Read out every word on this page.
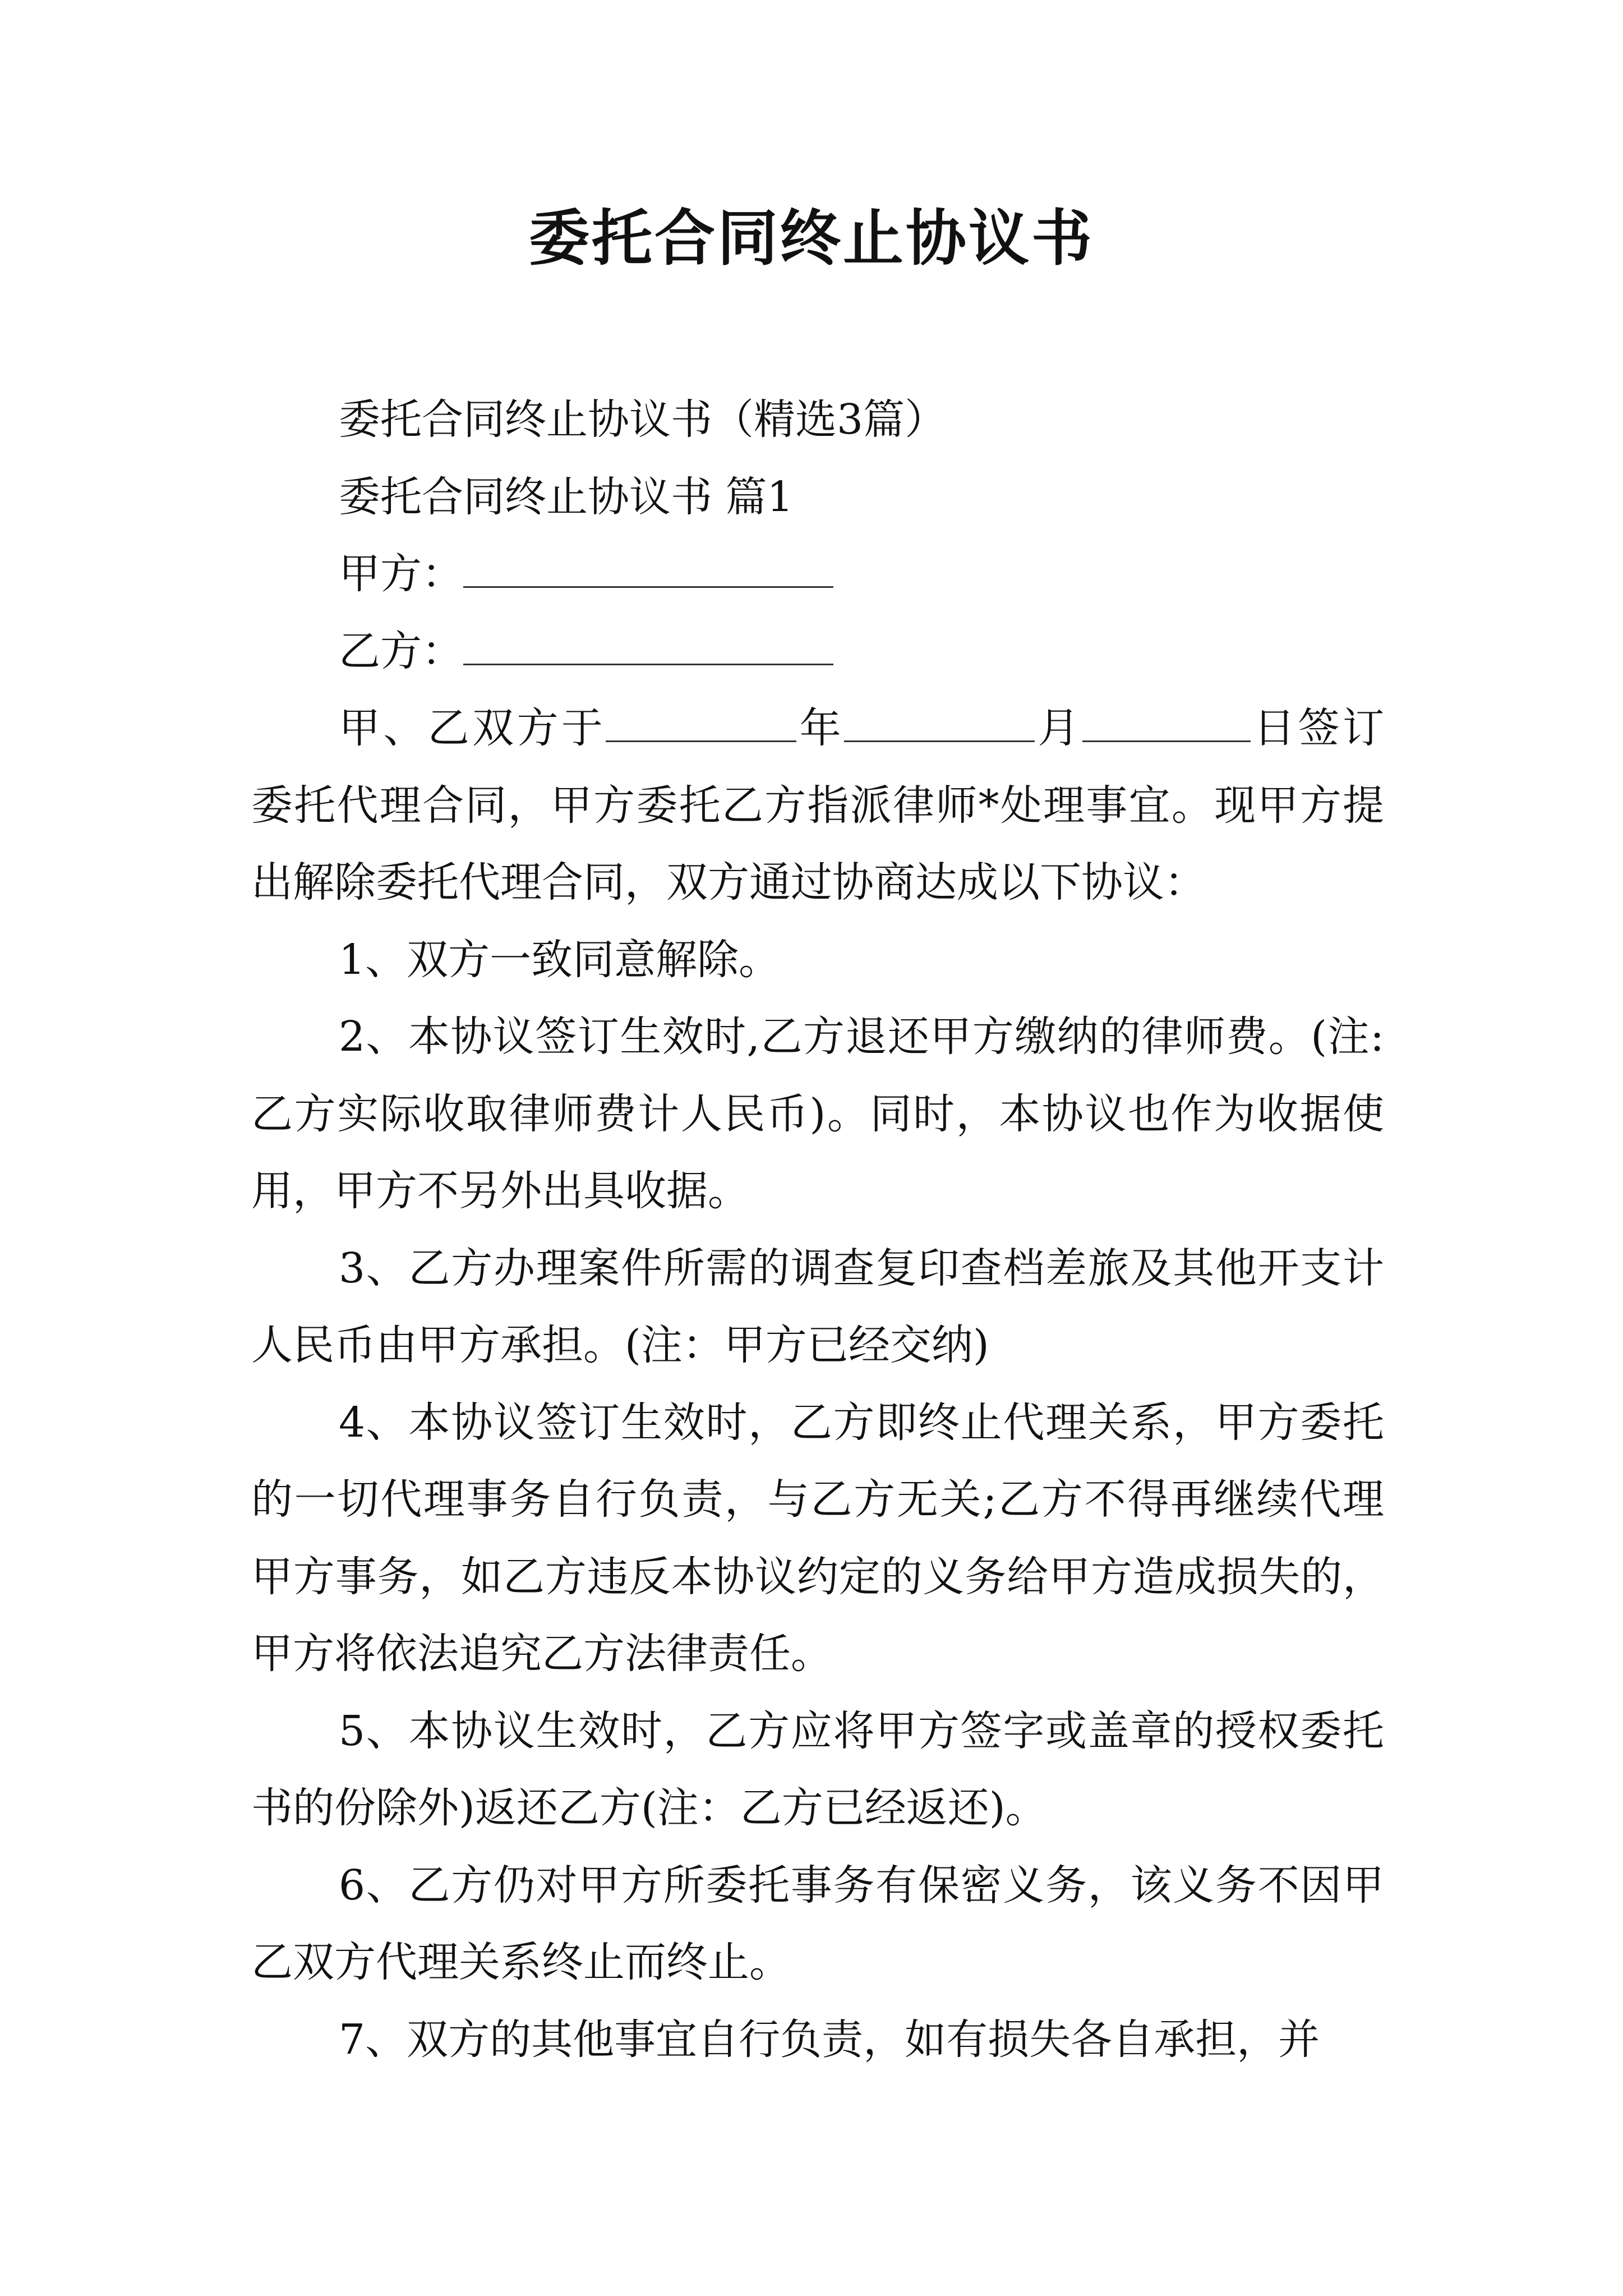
委托合同终止协议书

委托合同终止协议书（精选3篇）

委托合同终止协议书 篇1

甲方：

乙方：

甲、乙双方于	年	月	日签订委托代理合同，甲方委托乙方指派律师*处理事宜。现甲方提出解除委托代理合同，双方通过协商达成以下协议：

1、双方一致同意解除。

2、本协议签订生效时,乙方退还甲方缴纳的律师费。(注:乙方实际收取律师费计人民币)。同时，本协议也作为收据使用，甲方不另外出具收据。

3、乙方办理案件所需的调查复印查档差旅及其他开支计人民币由甲方承担。(注：甲方已经交纳)

4、本协议签订生效时，乙方即终止代理关系，甲方委托的一切代理事务自行负责，与乙方无关;乙方不得再继续代理甲方事务，如乙方违反本协议约定的义务给甲方造成损失的，甲方将依法追究乙方法律责任。

5、本协议生效时，乙方应将甲方签字或盖章的授权委托书的份除外)返还乙方(注：乙方已经返还)。

6、乙方仍对甲方所委托事务有保密义务，该义务不因甲乙双方代理关系终止而终止。

7、双方的其他事宜自行负责，如有损失各自承担，并
